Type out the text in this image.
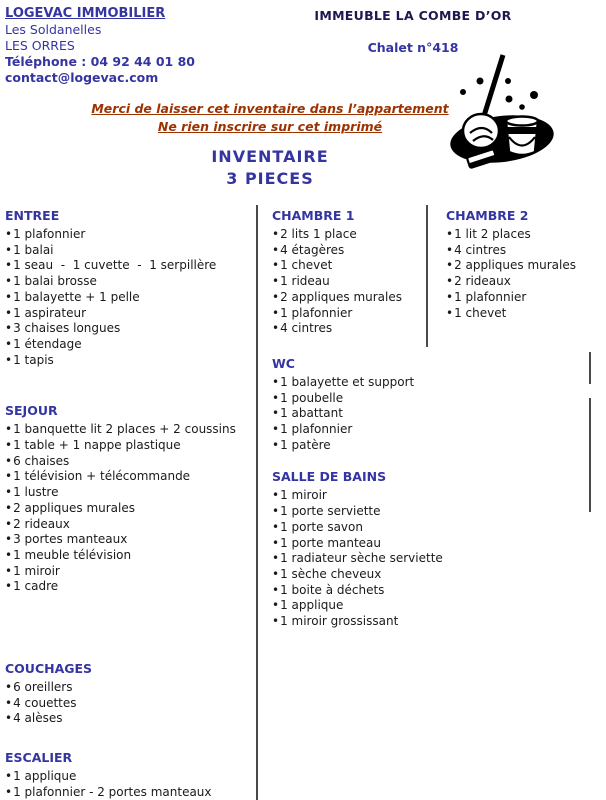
LOGEVAC IMMOBILIER
Les Soldanelles
LES ORRES
Téléphone : 04 92 44 01 80
contact@logevac.com
IMMEUBLE LA COMBE D’OR
Chalet n°418
Merci de laisser cet inventaire dans l’appartement
Ne rien inscrire sur cet imprimé
INVENTAIRE
3 PIECES
ENTREE
• 1 plafonnier
• 1 balai
• 1 seau  -  1 cuvette  -  1 serpillère
• 1 balai brosse
• 1 balayette + 1 pelle
• 1 aspirateur
• 3 chaises longues
• 1 étendage
• 1 tapis
SEJOUR
• 1 banquette lit 2 places + 2 coussins
• 1 table + 1 nappe plastique
• 6 chaises
• 1 télévision + télécommande
• 1 lustre
• 2 appliques murales
• 2 rideaux
• 3 portes manteaux
• 1 meuble télévision
• 1 miroir
• 1 cadre
COUCHAGES
• 6 oreillers
• 4 couettes
• 4 alèses
ESCALIER
• 1 applique
• 1 plafonnier - 2 portes manteaux
CHAMBRE 1
• 2 lits 1 place
• 4 étagères
• 1 chevet
• 1 rideau
• 2 appliques murales
• 1 plafonnier
• 4 cintres
WC
• 1 balayette et support
• 1 poubelle
• 1 abattant
• 1 plafonnier
• 1 patère
SALLE DE BAINS
• 1 miroir
• 1 porte serviette
• 1 porte savon
• 1 porte manteau
• 1 radiateur sèche serviette
• 1 sèche cheveux
• 1 boite à déchets
• 1 applique
• 1 miroir grossissant
CHAMBRE 2
• 1 lit 2 places
• 4 cintres
• 2 appliques murales
• 2 rideaux
• 1 plafonnier
• 1 chevet
